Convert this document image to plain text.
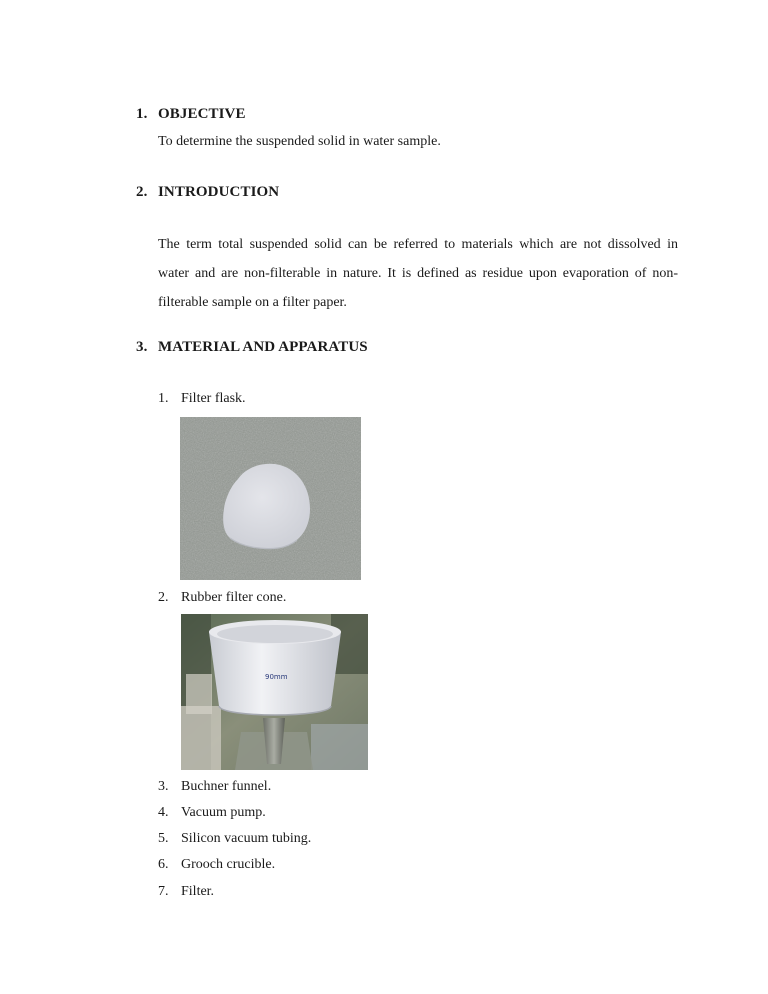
1. OBJECTIVE
To determine the suspended solid in water sample.
2. INTRODUCTION
The term total suspended solid can be referred to materials which are not dissolved in
water and are non-filterable in nature. It is defined as residue upon evaporation of non-
filterable sample on a filter paper.
3. MATERIAL AND APPARATUS
1. Filter flask.
2. Rubber filter cone.
90mm
3. Buchner funnel.
4. Vacuum pump.
5. Silicon vacuum tubing.
6. Grooch crucible.
7. Filter.
